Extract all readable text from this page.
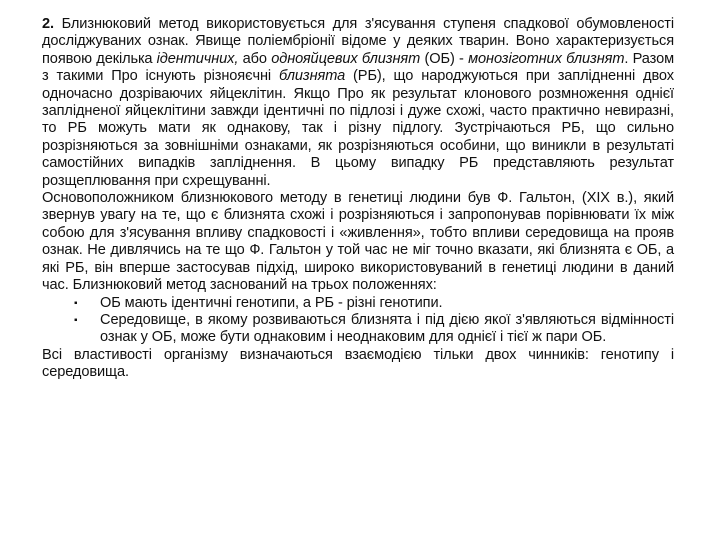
2. Близнюковий метод використовується для з'ясування ступеня спадкової обумовленості досліджуваних ознак. Явище поліембріонії відоме у деяких тварин. Воно характеризується появою декількa ідентичних, або однояйцевих близнят (ОБ) - монозіготних близнят. Разом з такими Про існують різнояєчні близнята (РБ), що народжуються при заплідненні двох одночасно дозріваючих яйцеклітин. Якщо Про як результат клонового розмноження однієї заплідненої яйцеклітини завжди ідентичні по підлозі і дуже схожі, часто практично невиразні, то РБ можуть мати як однакову, так і різну підлогу. Зустрічаються РБ, що сильно розрізняються за зовнішніми ознаками, як розрізняються особини, що виникли в результаті самостійних випадків запліднення. В цьому випадку РБ представляють результат розщеплювання при схрещуванні.

Основоположником близнюкового методу в генетиці людини був Ф. Гальтон, (XIX в.), який звернув увагу на те, що є близнята схожі і розрізняються і запропонував порівнювати їх між собою для з'ясування впливу спадковості і «живлення», тобто впливи середовища на прояв ознак. Не дивлячись на те що Ф. Гальтон у той час не міг точно вказати, які близнята є ОБ, а які РБ, він вперше застосував підхід, широко використовуваний в генетиці людини в даний час. Близнюковий метод заснований на трьох положеннях:

▪ ОБ мають ідентичні генотипи, а РБ - різні генотипи.
▪ Середовище, в якому розвиваються близнята і під дією якої з'являються відмінності ознак у ОБ, може бути однаковим і неоднаковим для однієї і тієї ж пари ОБ.

Всі властивості організму визначаються взаємодією тільки двох чинників: генотипу і середовища.
